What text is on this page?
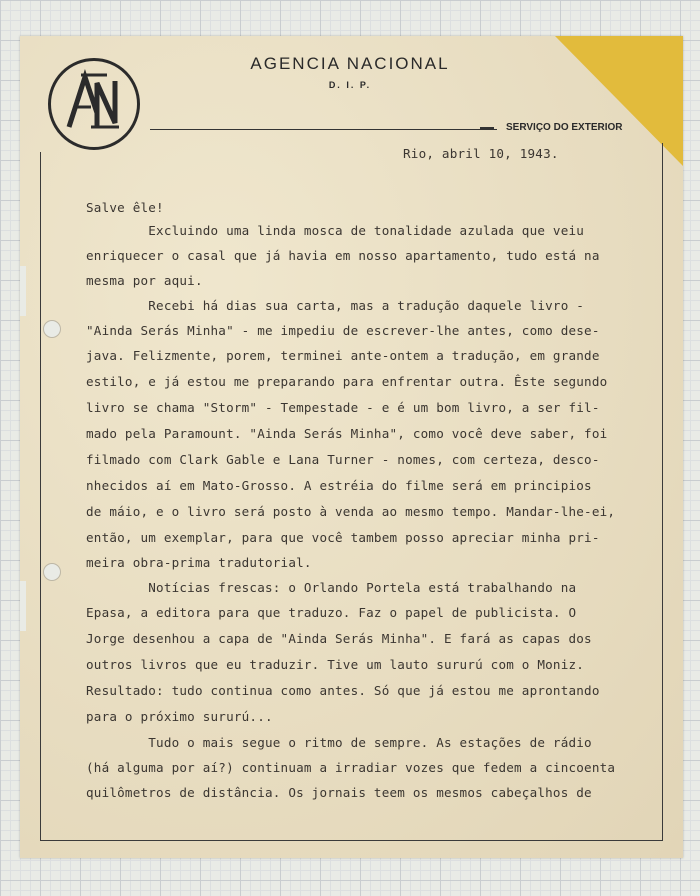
AGENCIA NACIONAL
D. I. P.
SERVIÇO DO EXTERIOR
Rio, abril 10, 1943.
Salve êle!
Excluindo uma linda mosca de tonalidade azulada que veiu
enriquecer o casal que já havia em nosso apartamento, tudo está na
mesma por aqui.
Recebi há dias sua carta, mas a tradução daquele livro -
"Ainda Serás Minha" - me impediu de escrever-lhe antes, como dese-
java. Felizmente, porem, terminei ante-ontem a tradução, em grande
estilo, e já estou me preparando para enfrentar outra. Êste segundo
livro se chama "Storm" - Tempestade - e é um bom livro, a ser fil-
mado pela Paramount. "Ainda Serás Minha", como você deve saber, foi
filmado com Clark Gable e Lana Turner - nomes, com certeza, desco-
nhecidos aí em Mato-Grosso. A estréia do filme será em principios
de máio, e o livro será posto à venda ao mesmo tempo. Mandar-lhe-ei,
então, um exemplar, para que você tambem posso apreciar minha pri-
meira obra-prima tradutorial.
Notícias frescas: o Orlando Portela está trabalhando na
Epasa, a editora para que traduzo. Faz o papel de publicista. O
Jorge desenhou a capa de "Ainda Serás Minha". E fará as capas dos
outros livros que eu traduzir. Tive um lauto sururú com o Moniz.
Resultado: tudo continua como antes. Só que já estou me aprontando
para o próximo sururú...
Tudo o mais segue o ritmo de sempre. As estações de rádio
(há alguma por aí?) continuam a irradiar vozes que fedem a cincoenta
quilômetros de distância. Os jornais teem os mesmos cabeçalhos de
